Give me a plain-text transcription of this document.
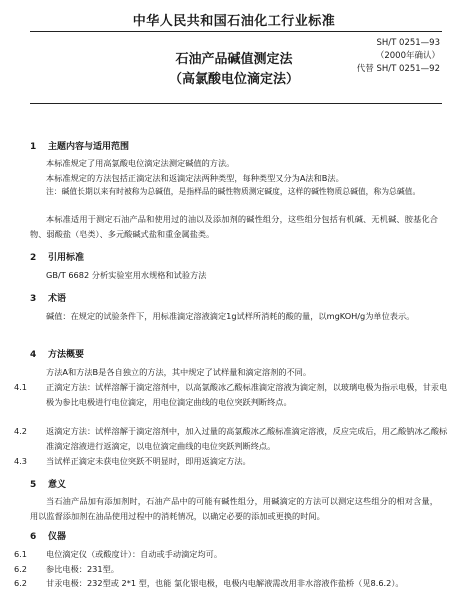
中华人民共和国石油化工行业标准
SH/T 0251—93
（2000年确认）
代替 SH/T 0251—92
石油产品碱值测定法
（高氯酸电位滴定法）
1 主题内容与适用范围
本标准规定了用高氯酸电位滴定法测定碱值的方法。
本标准规定的方法包括正滴定法和返滴定法两种类型，每种类型又分为A法和B法。
注：碱值长期以来有时被称为总碱值，是指样品的碱性物质测定碱度，这样的碱性物质总碱值，称为总碱值。
本标准适用于测定石油产品和使用过的油以及添加剂的碱性组分，这些组分包括有机碱、无机碱、胺基化合物、弱酸盐（皂类）、多元酸碱式盐和重金属盐类。
2 引用标准
GB/T 6682 分析实验室用水规格和试验方法
3 术语
碱值：在规定的试验条件下，用标准滴定溶液滴定1g试样所消耗的酸的量，以mgKOH/g为单位表示。
4 方法概要
方法A和方法B是各自独立的方法，其中规定了试样量和滴定溶剂的不同。
4.1 正滴定方法：试样溶解于滴定溶剂中，以高氯酸冰乙酸标准滴定溶液为滴定剂，以玻璃电极为指示电极，甘汞电极为参比电极进行电位滴定，用电位滴定曲线的电位突跃判断终点。
4.2 返滴定方法：试样溶解于滴定溶剂中，加入过量的高氯酸冰乙酸标准滴定溶液，反应完成后，用乙酸钠冰乙酸标准滴定溶液进行返滴定，以电位滴定曲线的电位突跃判断终点。
4.3 当试样正滴定未获电位突跃不明显时，即用返滴定方法。
5 意义
当石油产品加有添加剂时，石油产品中的可能有碱性组分，用碱滴定的方法可以测定这些组分的相对含量，用以监督添加剂在油品使用过程中的消耗情况，以确定必要的添加或更换的时间。
6 仪器
6.1 电位滴定仪（或酸度计）：自动或手动滴定均可。
6.2 参比电极：231型。
6.2 甘汞电极：232型或 2*1 型，也能 氯化银电极，电极内电解液需改用非水溶液作盐桥（见8.6.2）。
